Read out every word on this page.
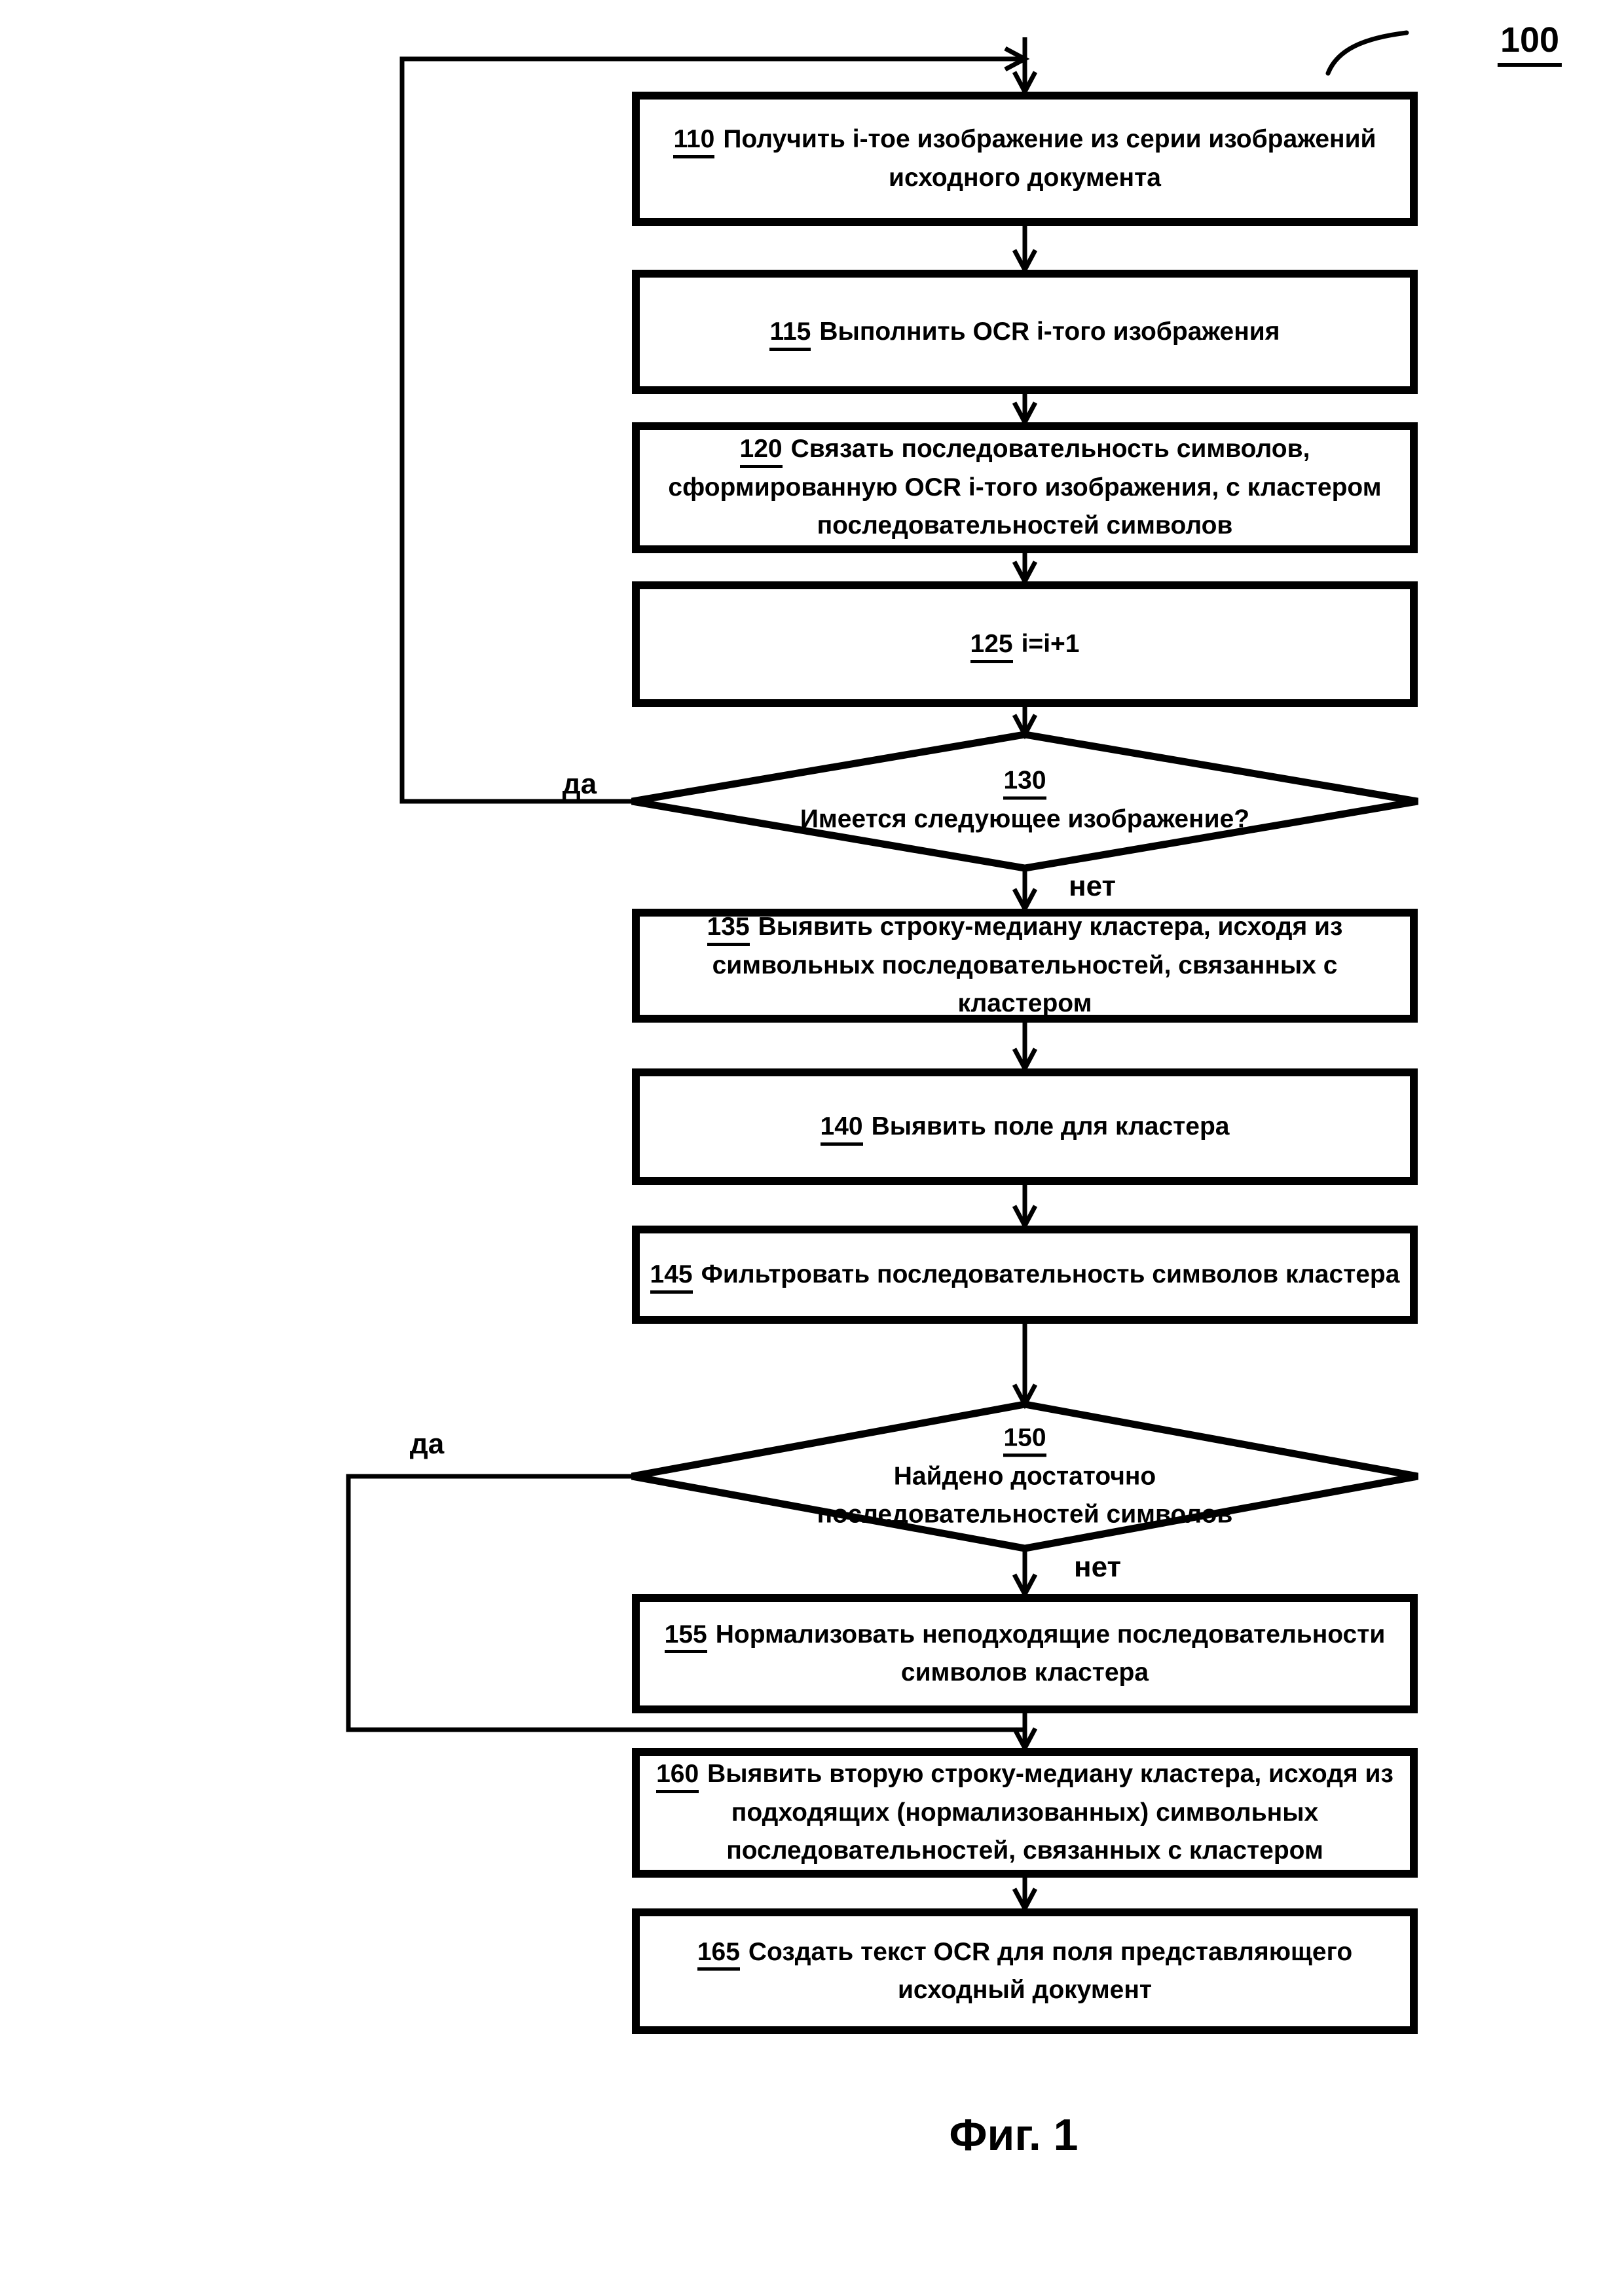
110 Получить i-тое изображение из серии изображений
исходного документа
115 Выполнить OCR i-того изображения
120 Связать последовательность символов,
сформированную OCR i-того изображения, с кластером
последовательностей символов
125 i=i+1
135 Выявить строку-медиану кластера, исходя из
символьных последовательностей, связанных с кластером
140 Выявить поле для кластера
145 Фильтровать последовательность символов кластера
155 Нормализовать неподходящие последовательности
символов кластера
160 Выявить вторую строку-медиану кластера, исходя из
подходящих (нормализованных) символьных
последовательностей, связанных с кластером
165 Создать текст OCR для поля представляющего
исходный документ
130
Имеется следующее изображение?
150
Найдено достаточно
последовательностей символов
да
нет
да
нет
100
Фиг. 1
